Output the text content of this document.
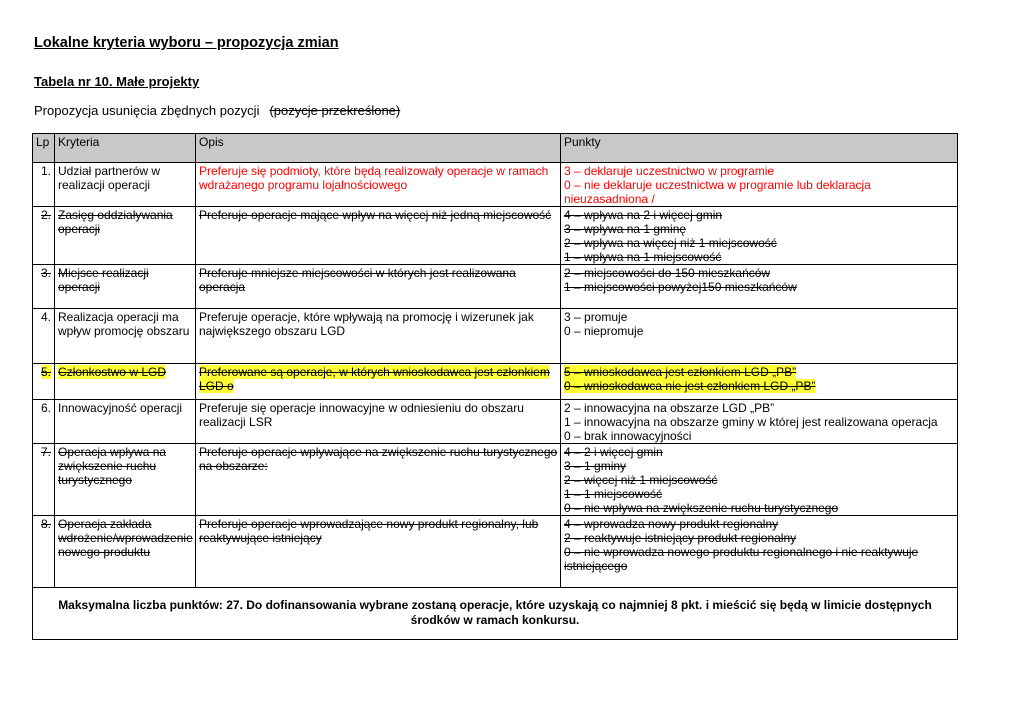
Lokalne kryteria wyboru – propozycja zmian
Tabela nr 10. Małe projekty
Propozycja usunięcia zbędnych pozycji (pozycje przekreślone)
Lp	Kryteria	Opis	Punkty
1.	Udział partnerów w realizacji operacji	Preferuje się podmioty, które będą realizowały operacje w ramach wdrażanego programu lojalnościowego	3 – deklaruje uczestnictwo w programie
0 – nie deklaruje uczestnictwa w programie lub deklaracja nieuzasadniona /

2.	Zasięg oddziaływania operacji	Preferuje operacje mające wpływ na więcej niż jedną miejscowość	4 – wpływa na 2 i więcej gmin
3 – wpływa na 1 gminę
2 – wpływa na więcej niż 1 miejscowość
1 – wpływa na 1 miejscowość

3.	Miejsce realizacji operacji	Preferuje mniejsze miejscowości w których jest realizowana operacja	2 – miejscowości do 150 mieszkańców
1 – miejscowości powyżej150 mieszkańców

4.	Realizacja operacji ma wpływ promocję obszaru	Preferuje operacje, które wpływają na promocję i wizerunek jak największego obszaru LGD	3 – promuje
0 – niepromuje

5.	Członkostwo w LGD	Preferowane są operacje, w których wnioskodawca jest członkiem LGD o	5 – wnioskodawca jest członkiem LGD „PB”
0 – wnioskodawca nie jest członkiem LGD „PB”

6.	Innowacyjność operacji	Preferuje się operacje innowacyjne w odniesieniu do obszaru realizacji LSR	2 – innowacyjna na obszarze LGD „PB”
1 – innowacyjna na obszarze gminy w której jest realizowana operacja
0 – brak innowacyjności

7.	Operacja wpływa na zwiększenie ruchu turystycznego	Preferuje operacje wpływające na zwiększenie ruchu turystycznego na obszarze:	4 – 2 i więcej gmin
3 – 1 gminy
2 – więcej niż 1 miejscowość
1 – 1 miejscowość
0 – nie wpływa na zwiększenie ruchu turystycznego

8.	Operacja zakłada wdrożenie/wprowadzenie nowego produktu	Preferuje operacje wprowadzające nowy produkt regionalny, lub reaktywujące istniejący	4 – wprowadza nowy produkt regionalny
2 – reaktywuje istniejący produkt regionalny
0 – nie wprowadza nowego produktu regionalnego i nie reaktywuje istniejącego

Maksymalna liczba punktów: 27. Do dofinansowania wybrane zostaną operacje, które uzyskają co najmniej 8 pkt. i mieścić się będą w limicie dostępnych środków w ramach konkursu.			
